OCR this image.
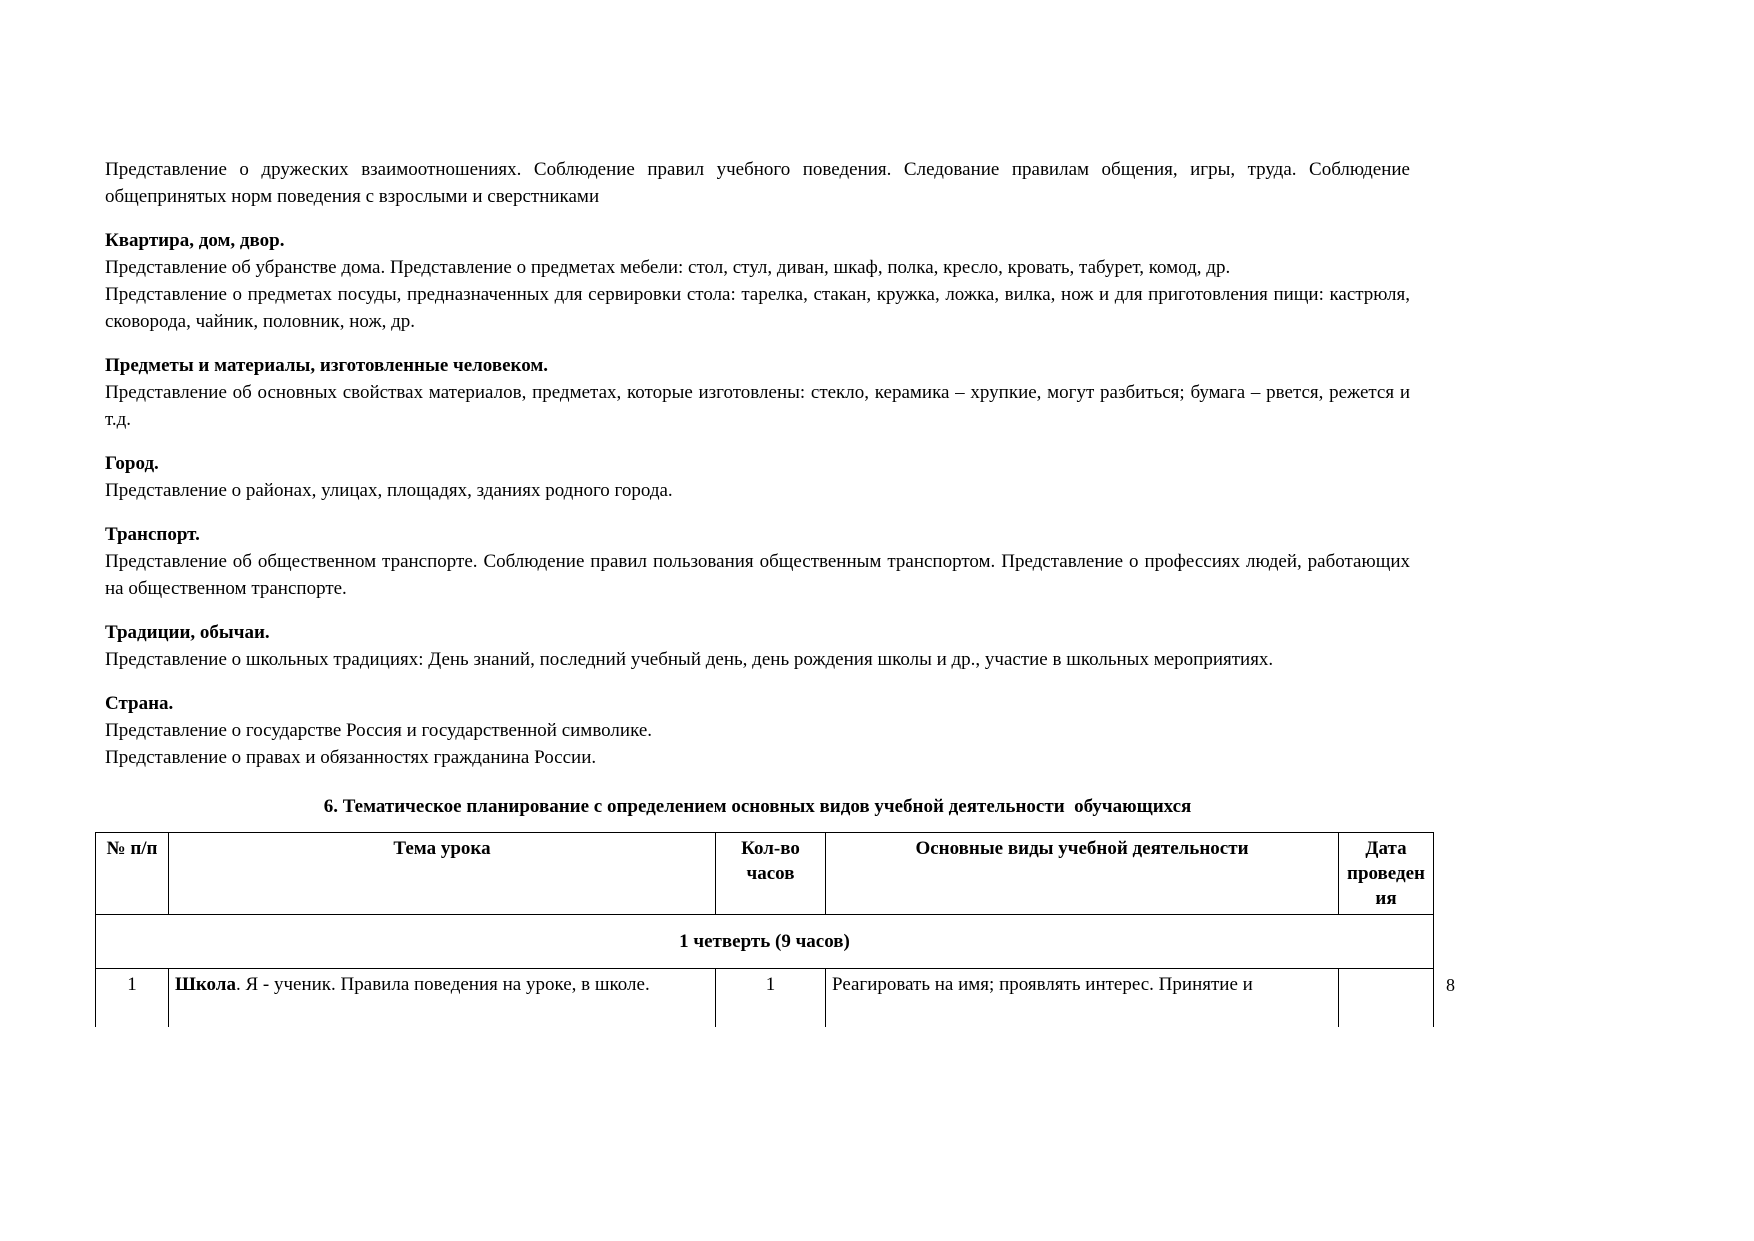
Представление о дружеских взаимоотношениях. Соблюдение правил учебного поведения. Следование правилам общения, игры, труда. Соблюдение общепринятых норм поведения с взрослыми и сверстниками

Квартира, дом, двор.

Представление об убранстве дома. Представление о предметах мебели: стол, стул, диван, шкаф, полка, кресло, кровать, табурет, комод, др.

Представление о предметах посуды, предназначенных для сервировки стола: тарелка, стакан, кружка, ложка, вилка, нож и для приготовления пищи: кастрюля, сковорода, чайник, половник, нож, др.

Предметы и материалы, изготовленные человеком.

Представление об основных свойствах материалов, предметах, которые изготовлены: стекло, керамика – хрупкие, могут разбиться; бумага – рвется, режется и т.д.

Город.

Представление о районах, улицах, площадях, зданиях родного города.

Транспорт.

Представление об общественном транспорте. Соблюдение правил пользования общественным транспортом. Представление о профессиях людей, работающих на общественном транспорте.

Традиции, обычаи.

Представление о школьных традициях: День знаний, последний учебный день, день рождения школы и др., участие в школьных мероприятиях.

Страна.

Представление о государстве Россия и государственной символике.

Представление о правах и обязанностях гражданина России.

6. Тематическое планирование с определением основных видов учебной деятельности  обучающихся
№ п/п	Тема урока	Кол-во часов	Основные виды учебной деятельности	Дата проведения
1 четверть (9 часов)				
1	Школа. Я - ученик. Правила поведения на уроке, в школе.	1	Реагировать на имя; проявлять интерес. Принятие и		8
